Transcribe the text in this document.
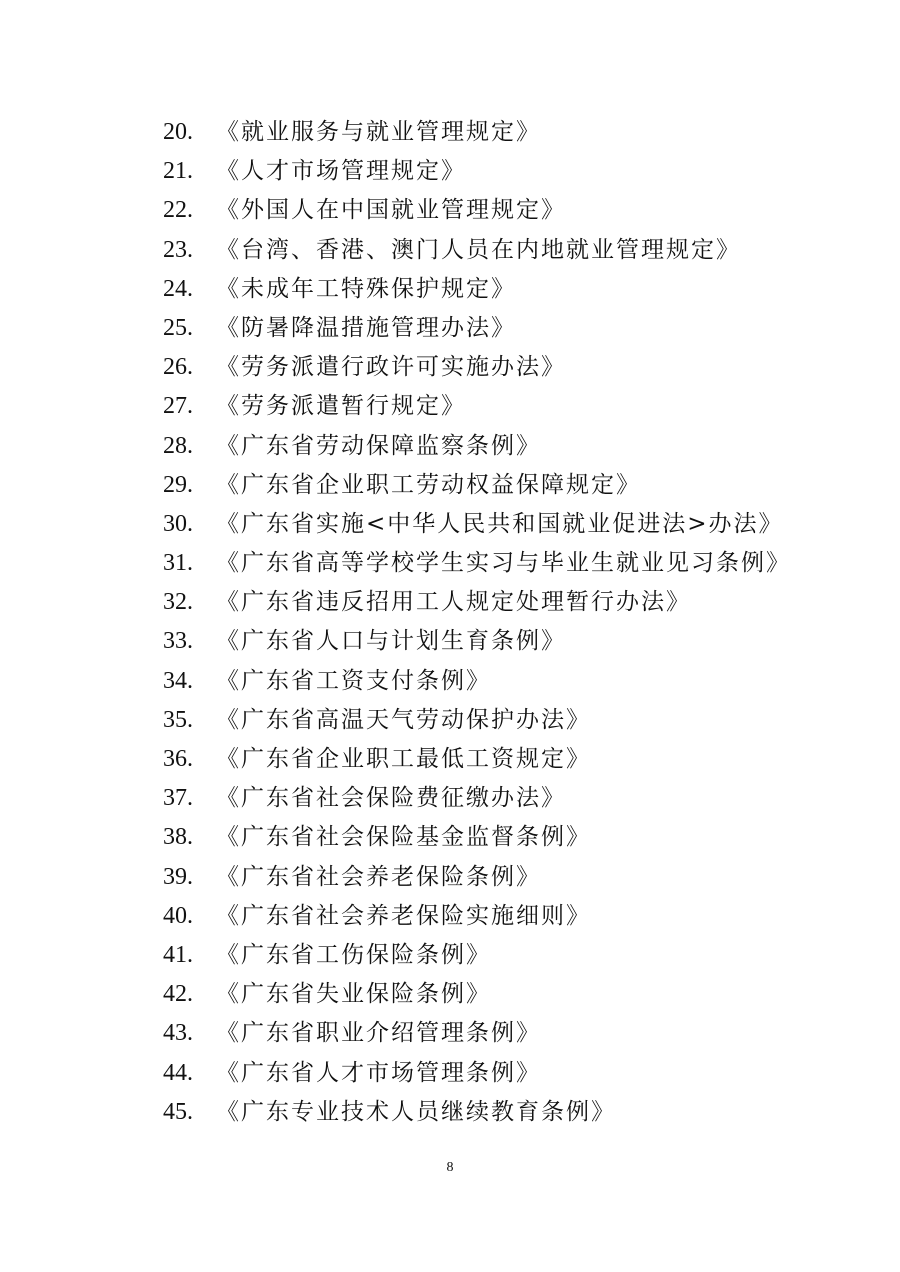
20.	《就业服务与就业管理规定》
21.	《人才市场管理规定》
22.	《外国人在中国就业管理规定》
23.	《台湾、香港、澳门人员在内地就业管理规定》
24.	《未成年工特殊保护规定》
25.	《防暑降温措施管理办法》
26.	《劳务派遣行政许可实施办法》
27.	《劳务派遣暂行规定》
28.	《广东省劳动保障监察条例》
29.	《广东省企业职工劳动权益保障规定》
30.	《广东省实施<中华人民共和国就业促进法>办法》
31.	《广东省高等学校学生实习与毕业生就业见习条例》
32.	《广东省违反招用工人规定处理暂行办法》
33.	《广东省人口与计划生育条例》
34.	《广东省工资支付条例》
35.	《广东省高温天气劳动保护办法》
36.	《广东省企业职工最低工资规定》
37.	《广东省社会保险费征缴办法》
38.	《广东省社会保险基金监督条例》
39.	《广东省社会养老保险条例》
40.	《广东省社会养老保险实施细则》
41.	《广东省工伤保险条例》
42.	《广东省失业保险条例》
43.	《广东省职业介绍管理条例》
44.	《广东省人才市场管理条例》
45.	《广东专业技术人员继续教育条例》
8
